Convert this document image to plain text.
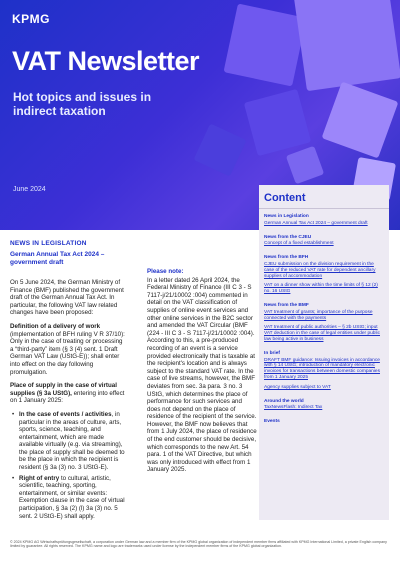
KPMG
VAT Newsletter
Hot topics and issues in indirect taxation
June 2024
NEWS IN LEGISLATION
German Annual Tax Act 2024 – government draft

On 5 June 2024, the German Ministry of Finance (BMF) published the government draft of the German Annual Tax Act. In particular, the following VAT law related changes have been proposed:

Definition of a delivery of work (implementation of BFH ruling V R 37/10): Only in the case of treating or processing a “third-party” item (§ 3 (4) sent. 1 Draft German VAT Law (UStG-E)); shall enter into effect on the day following promulgation.

Place of supply in the case of virtual supplies (§ 3a UStG), entering into effect on 1 January 2025:

• In the case of events / activities, in particular in the areas of culture, arts, sports, science, teaching, and entertainment, which are made available virtually (e.g. via streaming), the place of supply shall be deemed to be the place in which the recipient is resident (§ 3a (3) no. 3 UStG-E).
• Right of entry to cultural, artistic, scientific, teaching, sporting, entertainment, or similar events: Exemption clause in the case of virtual participation, § 3a (2) (l) 3a (3) no. 5 sent. 2 UStG-E) shall apply.
Please note:

In a letter dated 26 April 2024, the Federal Ministry of Finance (III C 3 - S 7117-j/21/10002 :004) commented in detail on the VAT classification of supplies of online event services and other online services in the B2C sector and amended the VAT Circular (BMF (224 - III C 3 - S 7117-j/21/10002 :004). According to this, a pre-produced recording of an event is a service provided electronically that is taxable at the recipient's location and is always subject to the standard VAT rate. In the case of live streams, however, the BMF deviates from sec. 3a para. 3 no. 3 UStG, which determines the place of performance for such services and does not depend on the place of residence of the recipient of the service. However, the BMF now believes that from 1 July 2024, the place of residence of the end customer should be decisive, which corresponds to the new Art. 54 para. 1 of the VAT Directive, but which was only introduced with effect from 1 January 2025.

Content
News in Legislation
German Annual Tax Act 2024 – government draft
News from the CJEU
Concept of a fixed establishment
News from the BFH
CJEU submission on the division requirement in the case of the reduced VAT rate for dependent ancillary supplies of accommodation
VAT on a dinner show within the time limits of § 12 (2) no. 16 UStG
News from the BMF
VAT treatment of grants; importance of the purpose connected with the payments
VAT treatment of public authorities – § 2b UStG; input VAT deduction in the case of legal entities under public law being active in business
In brief
DRAFT BMF guidance: Issuing invoices in accordance with § 14 UStG; introduction of mandatory electronic invoices for transactions between domestic companies from 1 January 2025
Agency supplies subject to VAT
Around the world
TaxNewsFlash: Indirect Tax
Events
© 2024 KPMG AG Wirtschaftsprüfungsgesellschaft, a corporation under German law and a member firm of the KPMG global organization of independent member firms affiliated with KPMG International Limited, a private English company limited by guarantee. All rights reserved. The KPMG name and logo are trademarks used under license by the independent member firms of the KPMG global organization.
